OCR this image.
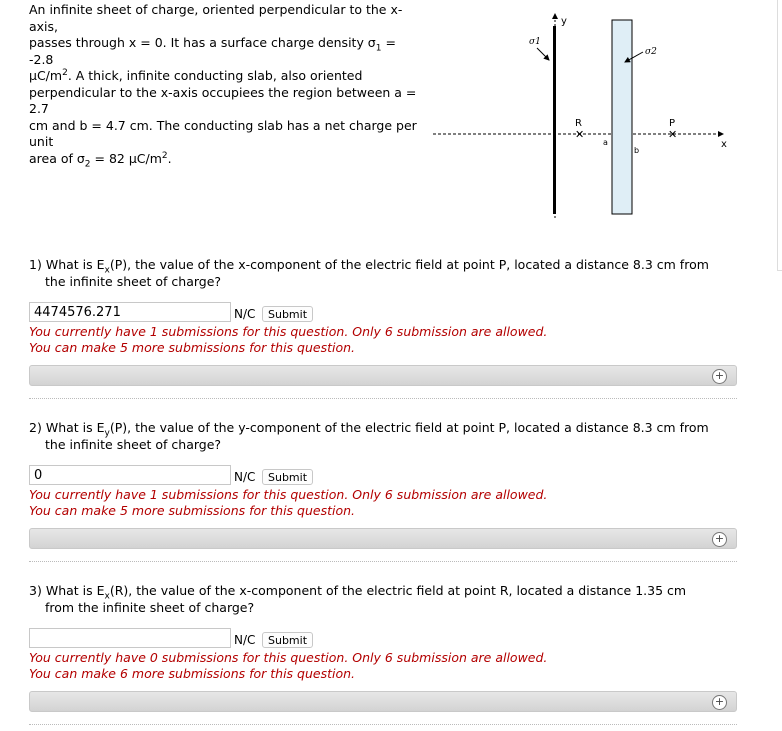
An infinite sheet of charge, oriented perpendicular to the x-axis,

passes through x = 0. It has a surface charge density $\sigma_1 = -2.8$

$\mu C/m^2$. A thick, infinite conducting slab, also oriented

perpendicular to the x-axis occupiees the region between a = 2.7

cm and b = 4.7 cm. The conducting slab has a net charge per unit

area of $\sigma_2 = 82$ $\mu C/m^2$.

x
y
σ1
σ2
R
✕
a
b
P
✕
1) What is $E_x(P)$, the value of the x-component of the electric field at point P, located a distance 8.3 cm from the infinite sheet of charge?
4474576.271
N/C	Submit

You currently have 1 submissions for this question. Only 6 submission are allowed.

You can make 5 more submissions for this question.

+
2) What is $E_y(P)$, the value of the y-component of the electric field at point P, located a distance 8.3 cm from the infinite sheet of charge?
0
N/C	Submit

You currently have 1 submissions for this question. Only 6 submission are allowed.

You can make 5 more submissions for this question.

+
3) What is $E_x(R)$, the value of the x-component of the electric field at point R, located a distance 1.35 cm from the infinite sheet of charge?
N/C	Submit

You currently have 0 submissions for this question. Only 6 submission are allowed.

You can make 6 more submissions for this question.

+
